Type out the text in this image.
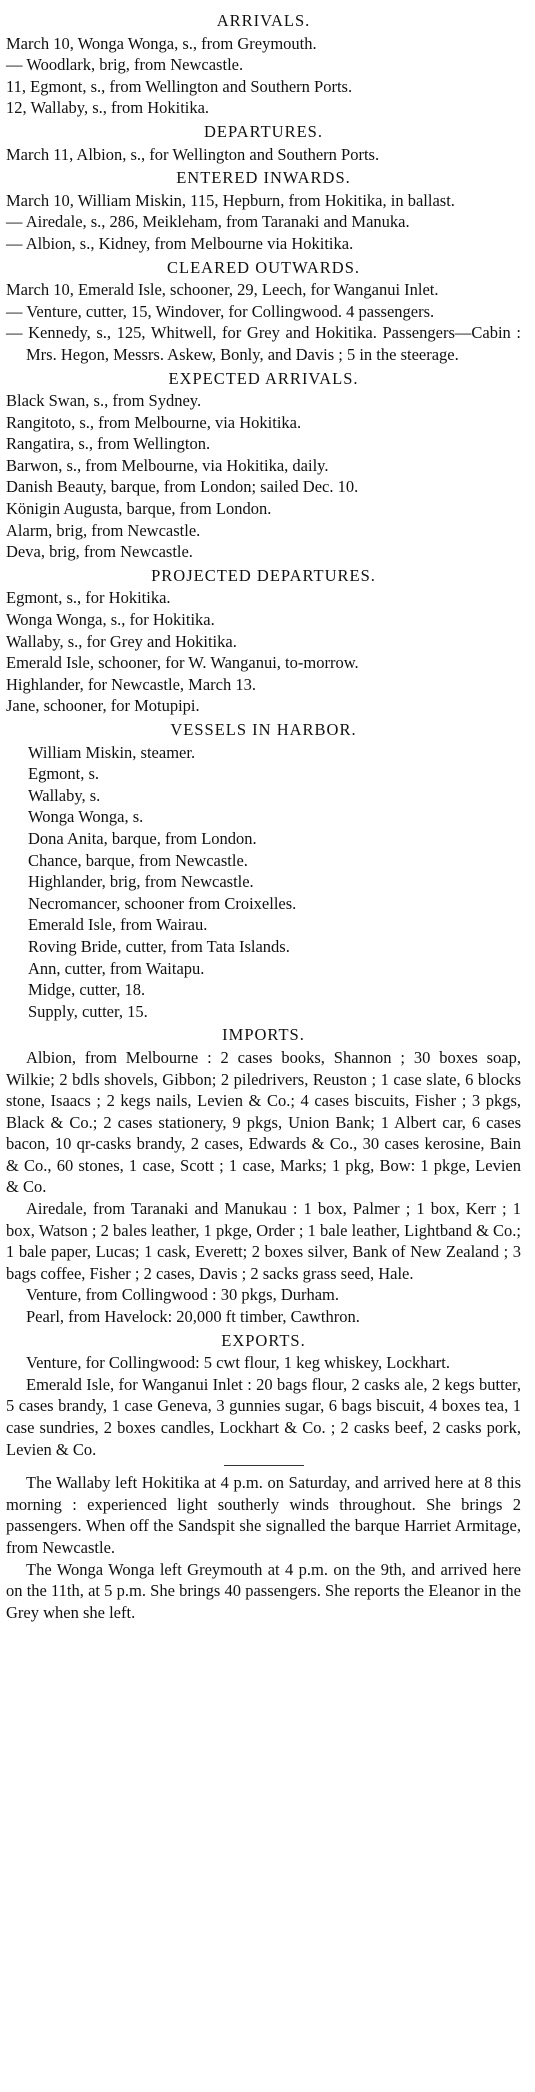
ARRIVALS.
March 10, Wonga Wonga, s., from Greymouth.
— Woodlark, brig, from Newcastle.
11, Egmont, s., from Wellington and Southern Ports.
12, Wallaby, s., from Hokitika.
DEPARTURES.
March 11, Albion, s., for Wellington and Southern Ports.
ENTERED INWARDS.
March 10, William Miskin, 115, Hepburn, from Hokitika, in ballast.
— Airedale, s., 286, Meikleham, from Taranaki and Manuka.
— Albion, s., Kidney, from Melbourne via Hokitika.
CLEARED OUTWARDS.
March 10, Emerald Isle, schooner, 29, Leech, for Wanganui Inlet.
— Venture, cutter, 15, Windover, for Collingwood. 4 passengers.
— Kennedy, s., 125, Whitwell, for Grey and Hokitika. Passengers—Cabin : Mrs. Hegon, Messrs. Askew, Bonly, and Davis ; 5 in the steerage.
EXPECTED ARRIVALS.
Black Swan, s., from Sydney.
Rangitoto, s., from Melbourne, via Hokitika.
Rangatira, s., from Wellington.
Barwon, s., from Melbourne, via Hokitika, daily.
Danish Beauty, barque, from London; sailed Dec. 10.
Königin Augusta, barque, from London.
Alarm, brig, from Newcastle.
Deva, brig, from Newcastle.
PROJECTED DEPARTURES.
Egmont, s., for Hokitika.
Wonga Wonga, s., for Hokitika.
Wallaby, s., for Grey and Hokitika.
Emerald Isle, schooner, for W. Wanganui, to-morrow.
Highlander, for Newcastle, March 13.
Jane, schooner, for Motupipi.
VESSELS IN HARBOR.
William Miskin, steamer.
Egmont, s.
Wallaby, s.
Wonga Wonga, s.
Dona Anita, barque, from London.
Chance, barque, from Newcastle.
Highlander, brig, from Newcastle.
Necromancer, schooner from Croixelles.
Emerald Isle, from Wairau.
Roving Bride, cutter, from Tata Islands.
Ann, cutter, from Waitapu.
Midge, cutter, 18.
Supply, cutter, 15.
IMPORTS.
Albion, from Melbourne : 2 cases books, Shannon ; 30 boxes soap, Wilkie; 2 bdls shovels, Gibbon; 2 piledrivers, Reuston ; 1 case slate, 6 blocks stone, Isaacs ; 2 kegs nails, Levien & Co.; 4 cases biscuits, Fisher ; 3 pkgs, Black & Co.; 2 cases stationery, 9 pkgs, Union Bank; 1 Albert car, 6 cases bacon, 10 qr-casks brandy, 2 cases, Edwards & Co., 30 cases kerosine, Bain & Co., 60 stones, 1 case, Scott ; 1 case, Marks; 1 pkg, Bow: 1 pkge, Levien & Co.
Airedale, from Taranaki and Manukau : 1 box, Palmer ; 1 box, Kerr ; 1 box, Watson ; 2 bales leather, 1 pkge, Order ; 1 bale leather, Lightband & Co.; 1 bale paper, Lucas; 1 cask, Everett; 2 boxes silver, Bank of New Zealand ; 3 bags coffee, Fisher ; 2 cases, Davis ; 2 sacks grass seed, Hale.
Venture, from Collingwood : 30 pkgs, Durham.
Pearl, from Havelock: 20,000 ft timber, Cawthron.
EXPORTS.
Venture, for Collingwood: 5 cwt flour, 1 keg whiskey, Lockhart.
Emerald Isle, for Wanganui Inlet : 20 bags flour, 2 casks ale, 2 kegs butter, 5 cases brandy, 1 case Geneva, 3 gunnies sugar, 6 bags biscuit, 4 boxes tea, 1 case sundries, 2 boxes candles, Lockhart & Co. ; 2 casks beef, 2 casks pork, Levien & Co.
The Wallaby left Hokitika at 4 p.m. on Saturday, and arrived here at 8 this morning : experienced light southerly winds throughout. She brings 2 passengers. When off the Sandspit she signalled the barque Harriet Armitage, from Newcastle.
The Wonga Wonga left Greymouth at 4 p.m. on the 9th, and arrived here on the 11th, at 5 p.m. She brings 40 passengers. She reports the Eleanor in the Grey when she left.
